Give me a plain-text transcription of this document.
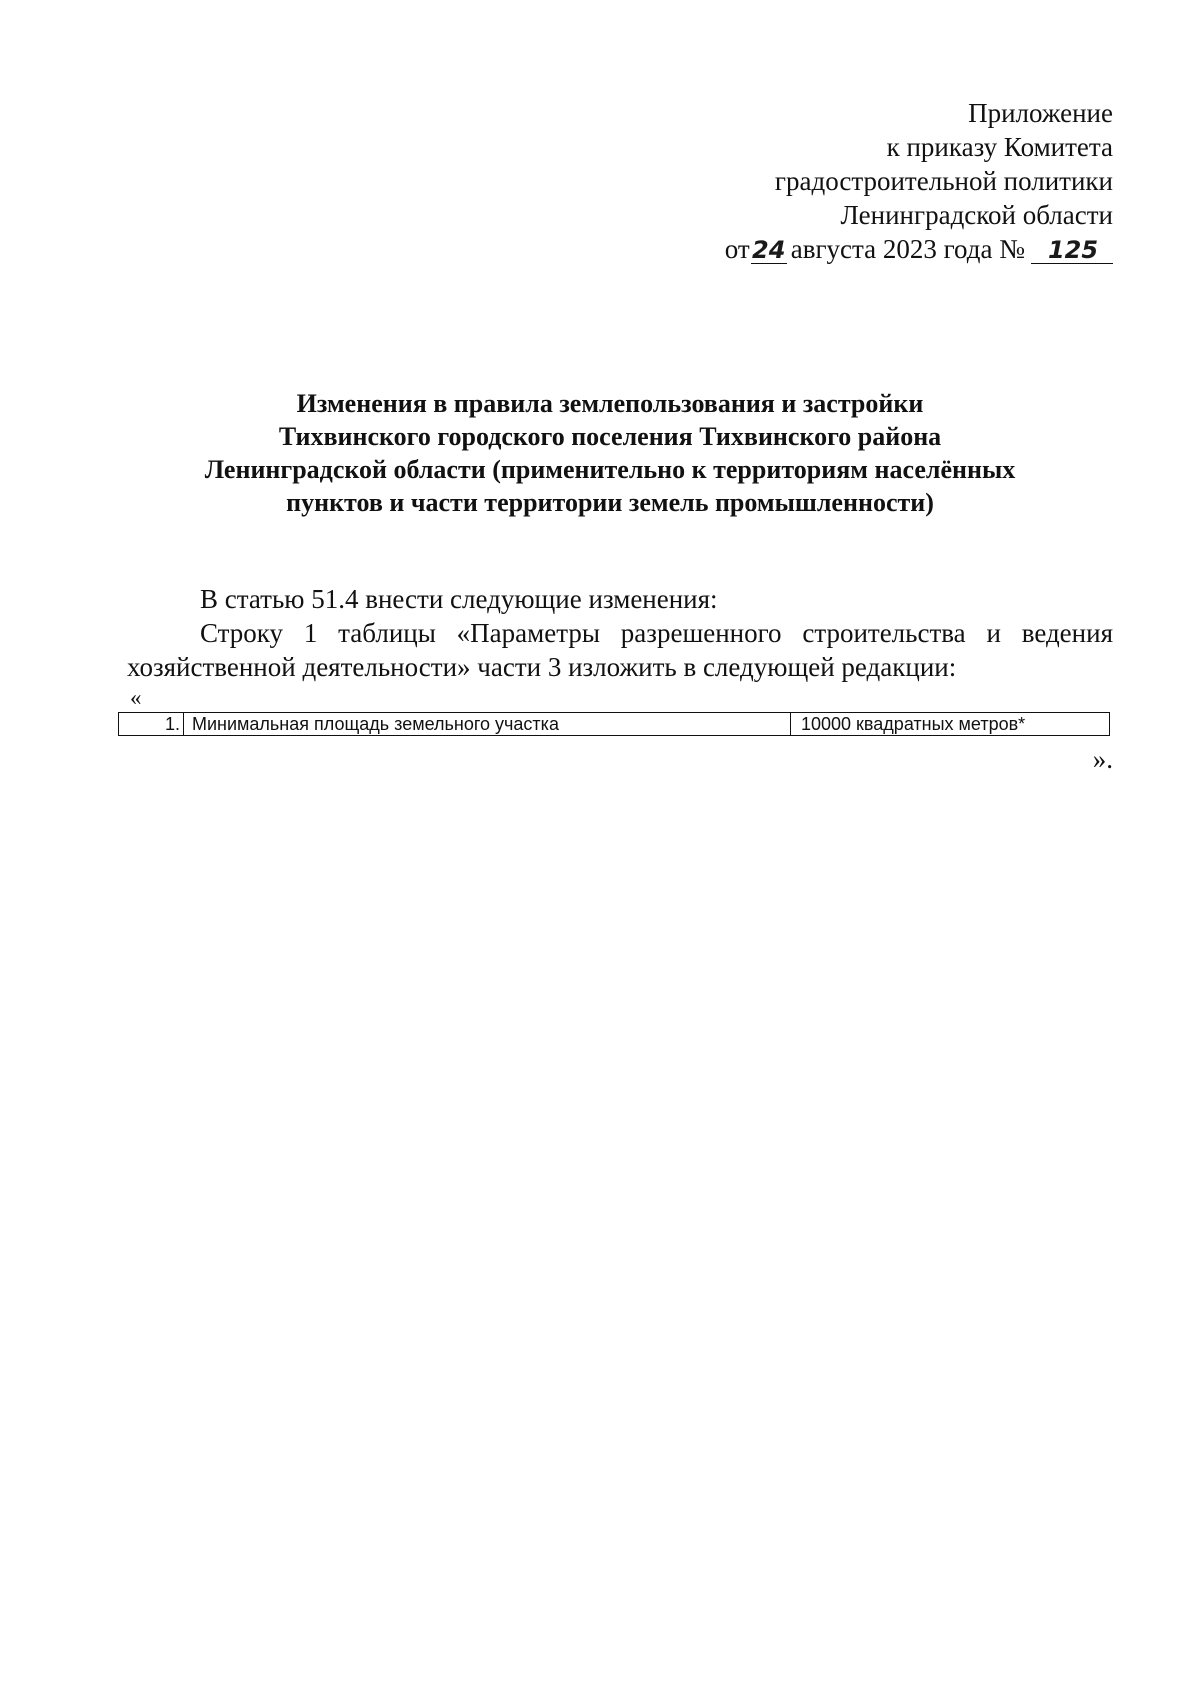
Приложение
к приказу Комитета
градостроительной политики
Ленинградской области
от24 августа 2023 года № 125
Изменения в правила землепользования и застройки
Тихвинского городского поселения Тихвинского района
Ленинградской области (применительно к территориям населённых
пунктов и части территории земель промышленности)
В статью 51.4 внести следующие изменения:
Строку 1 таблицы «Параметры разрешенного строительства и ведения
хозяйственной деятельности» части 3 изложить в следующей редакции:
«
1. Минимальная площадь земельного участка	10000 квадратных метров*
».
